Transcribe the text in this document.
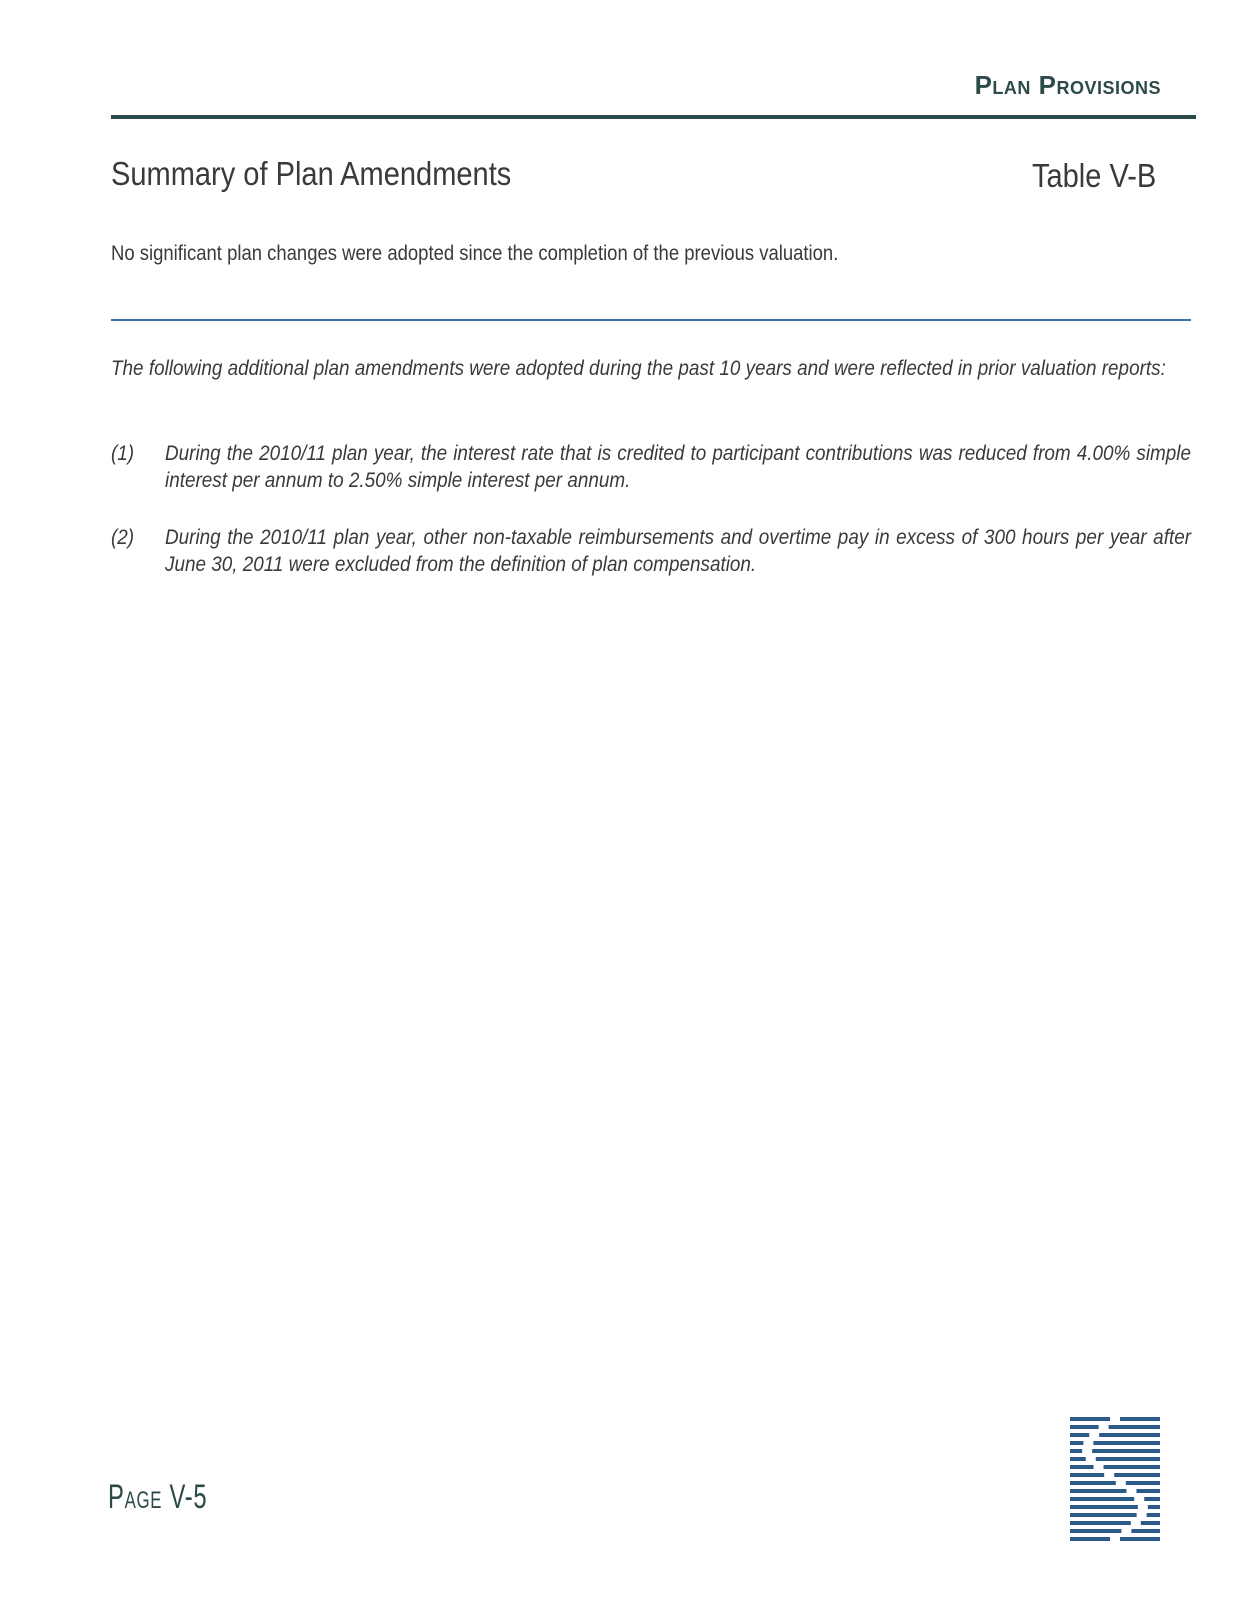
Plan Provisions
Summary of Plan Amendments	Table V-B
No significant plan changes were adopted since the completion of the previous valuation.
The following additional plan amendments were adopted during the past 10 years and were reflected in prior valuation reports:
(1)	During the 2010/11 plan year, the interest rate that is credited to participant contributions was reduced from 4.00% simple interest per annum to 2.50% simple interest per annum.
(2)	During the 2010/11 plan year, other non-taxable reimbursements and overtime pay in excess of 300 hours per year after June 30, 2011 were excluded from the definition of plan compensation.
Page V-5
